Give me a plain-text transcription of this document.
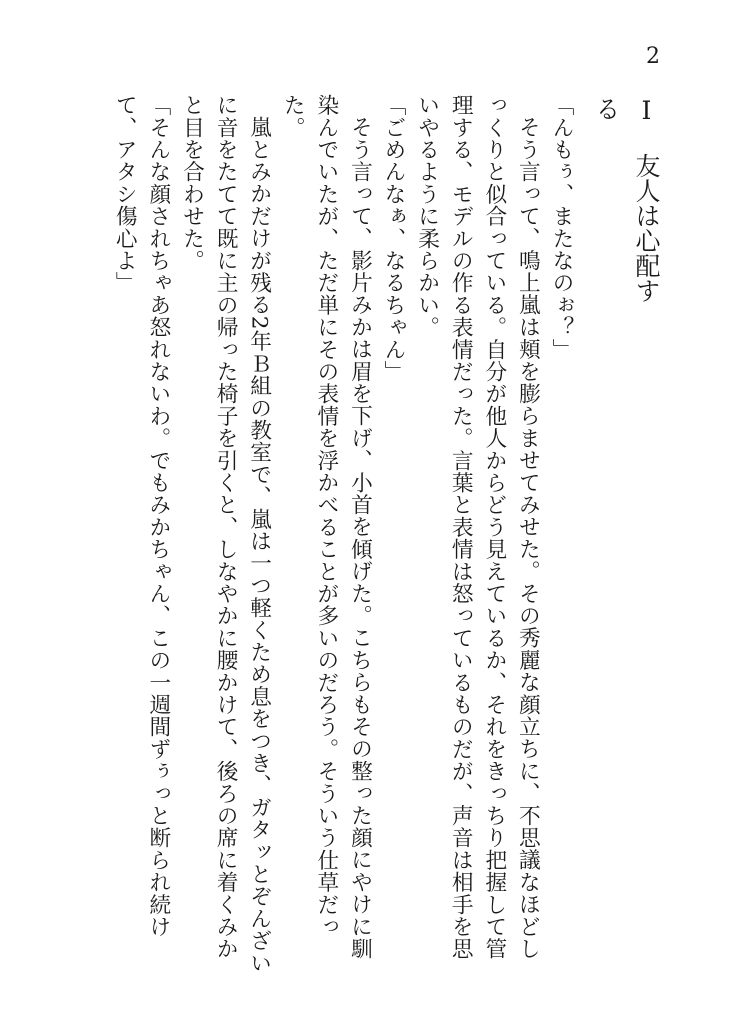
2
I友人は心配する

「んもぅ、またなのぉ？」

そう言って、鳴上嵐は頬を膨らませてみせた。その秀麗な顔立ちに、不思議なほどしっくりと似合っている。自分が他人からどう見えているか、それをきっちり把握して管理する、モデルの作る表情だった。言葉と表情は怒っているものだが、声音は相手を思いやるように柔らかい。

「ごめんなぁ、なるちゃん」

そう言って、影片みかは眉を下げ、小首を傾げた。こちらもその整った顔にやけに馴染んでいたが、ただ単にその表情を浮かべることが多いのだろう。そういう仕草だった。

嵐とみかだけが残る2年Ｂ組の教室で、嵐は一つ軽くため息をつき、ガタッとぞんざいに音をたてて既に主の帰った椅子を引くと、しなやかに腰かけて、後ろの席に着くみかと目を合わせた。

「そんな顔されちゃあ怒れないわ。でもみかちゃん、この一週間ずぅっと断られ続けて、アタシ傷心よ」
